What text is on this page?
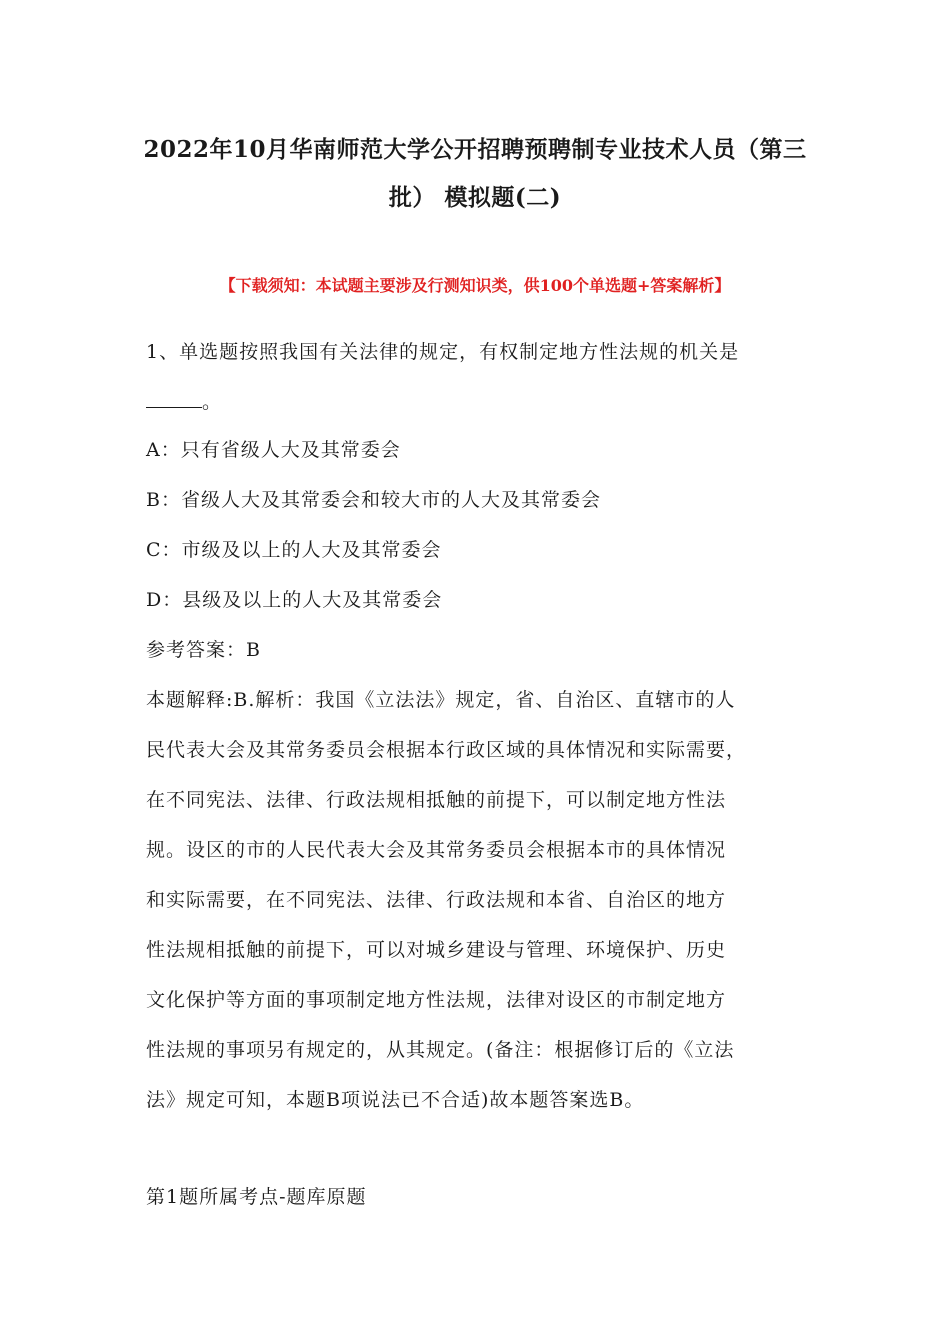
2022年10月华南师范大学公开招聘预聘制专业技术人员（第三
批） 模拟题(二)
【下载须知：本试题主要涉及行测知识类，供100个单选题+答案解析】
1、单选题按照我国有关法律的规定，有权制定地方性法规的机关是
。
A：只有省级人大及其常委会
B：省级人大及其常委会和较大市的人大及其常委会
C：市级及以上的人大及其常委会
D：县级及以上的人大及其常委会
参考答案：B
本题解释:B.解析：我国《立法法》规定，省、自治区、直辖市的人
民代表大会及其常务委员会根据本行政区域的具体情况和实际需要，
在不同宪法、法律、行政法规相抵触的前提下，可以制定地方性法
规。设区的市的人民代表大会及其常务委员会根据本市的具体情况
和实际需要，在不同宪法、法律、行政法规和本省、自治区的地方
性法规相抵触的前提下，可以对城乡建设与管理、环境保护、历史
文化保护等方面的事项制定地方性法规，法律对设区的市制定地方
性法规的事项另有规定的，从其规定。(备注：根据修订后的《立法
法》规定可知，本题B项说法已不合适)故本题答案选B。
第1题所属考点-题库原题
